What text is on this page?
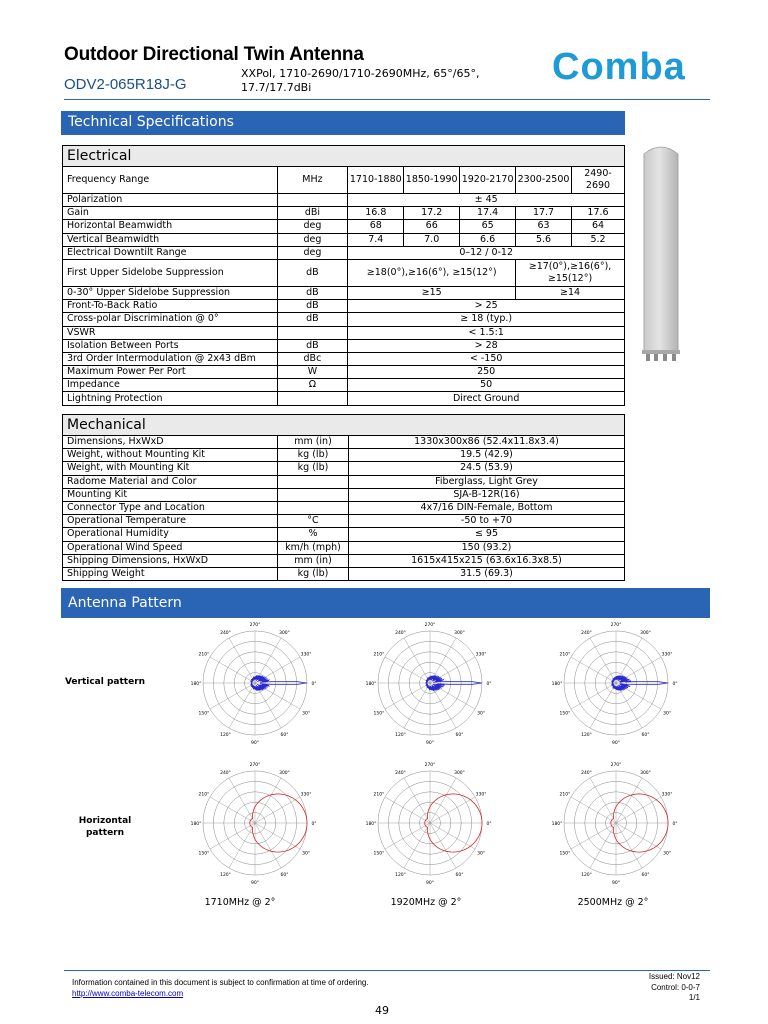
Outdoor Directional Twin Antenna
ODV2-065R18J-G
XXPol, 1710-2690/1710-2690MHz, 65°/65°, 17.7/17.7dBi	Comba
Technical Specifications
Electrical						
Frequency Range	MHz	1710-1880	1850-1990	1920-2170	2300-2500	2490-2690
Polarization		± 45				
Gain	dBi	16.8	17.2	17.4	17.7	17.6
Horizontal Beamwidth	deg	68	66	65	63	64
Vertical Beamwidth	deg	7.4	7.0	6.6	5.6	5.2
Electrical Downtilt Range	deg	0–12 / 0-12				
First Upper Sidelobe Suppression	dB	≥18(0°),≥16(6°), ≥15(12°)			≥17(0°),≥16(6°), ≥15(12°)	
0-30° Upper Sidelobe Suppression	dB	≥15			≥14	
Front-To-Back Ratio	dB	> 25				
Cross-polar Discrimination @ 0°	dB	≥ 18 (typ.)				
VSWR		< 1.5:1				
Isolation Between Ports	dB	> 28				
3rd Order Intermodulation @ 2x43 dBm	dBc	< -150				
Maximum Power Per Port	W	250				
Impedance	Ω	50				
Lightning Protection		Direct Ground				
Mechanical		
Dimensions, HxWxD	mm (in)	1330x300x86 (52.4x11.8x3.4)
Weight, without Mounting Kit	kg (lb)	19.5 (42.9)
Weight, with Mounting Kit	kg (lb)	24.5 (53.9)
Radome Material and Color		Fiberglass, Light Grey
Mounting Kit		SJA-B-12R(16)
Connector Type and Location		4x7/16 DIN-Female, Bottom
Operational Temperature	°C	-50 to +70
Operational Humidity	%	≤ 95
Operational Wind Speed	km/h (mph)	150 (93.2)
Shipping Dimensions, HxWxD	mm (in)	1615x415x215 (63.6x16.3x8.5)
Shipping Weight	kg (lb)	31.5 (69.3)
Antenna Pattern
Vertical pattern
Horizontal pattern
0°
30°
60°
90°
120°
150°
180°
210°
240°
270°
300°
330°
0°
30°
60°
90°
120°
150°
180°
210°
240°
270°
300°
330°
0°
30°
60°
90°
120°
150°
180°
210°
240°
270°
300°
330°
0°
30°
60°
90°
120°
150°
180°
210°
240°
270°
300°
330°
0°
30°
60°
90°
120°
150°
180°
210°
240°
270°
300°
330°
0°
30°
60°
90°
120°
150°
180°
210°
240°
270°
300°
330°
1710MHz @ 2°	1920MHz @ 2°	2500MHz @ 2°
Information contained in this document is subject to confirmation at time of ordering.
http://www.comba-telecom.com
Issued: Nov12
Control: 0-0-7
1/1
49
